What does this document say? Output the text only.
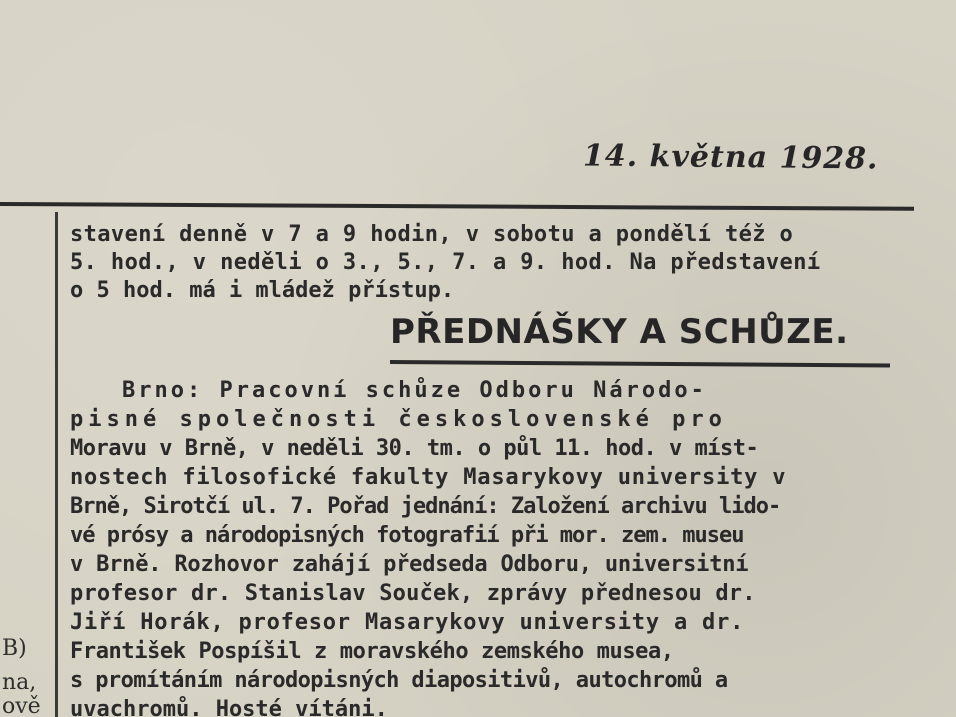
14. května 1928.
B)
na,
ově
stavení denně v 7 a 9 hodin, v sobotu a pondělí též o
5. hod., v neděli o 3., 5., 7. a 9. hod. Na představení
o 5 hod. má i mládež přístup.
Brno: Pracovní schůze Odboru Národo-
pisné společnosti československé pro
Moravu v Brně, v neděli 30. tm. o půl 11. hod. v míst-
nostech filosofické fakulty Masarykovy university v
Brně, Sirotčí ul. 7. Pořad jednání: Založení archivu lido-
vé prósy a národopisných fotografií při mor. zem. museu
v Brně. Rozhovor zahájí předseda Odboru, universitní
profesor dr. Stanislav Souček, zprávy přednesou dr.
Jiří Horák, profesor Masarykovy university a dr.
František Pospíšil z moravského zemského musea,
s promítáním národopisných diapositivů, autochromů a
uvachromů. Hosté vítáni.
PŘEDNÁŠKY A SCHŮZE.
